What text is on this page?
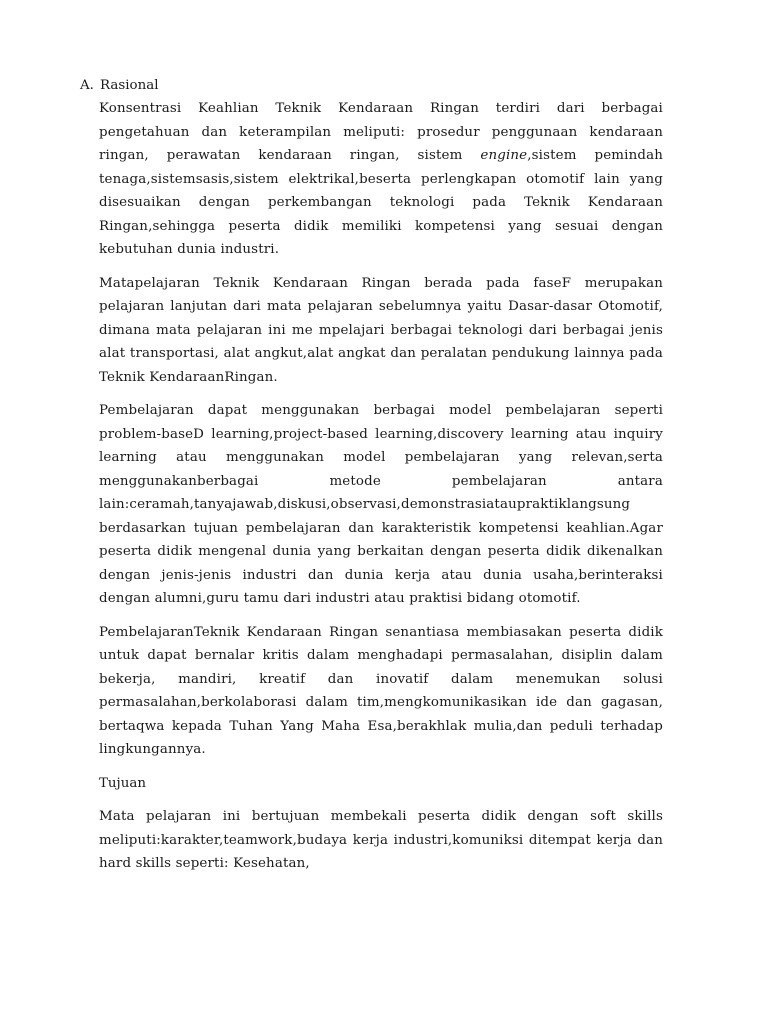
A. Rasional

Konsentrasi Keahlian Teknik Kendaraan Ringan terdiri dari berbagai pengetahuan dan keterampilan meliputi: prosedur penggunaan kendaraan ringan, perawatan kendaraan ringan, sistem engine,sistem pemindah tenaga,sistemsasis,sistem elektrikal,beserta perlengkapan otomotif lain yang disesuaikan dengan perkembangan teknologi pada Teknik Kendaraan Ringan,sehingga peserta didik memiliki kompetensi yang sesuai dengan kebutuhan dunia industri.

Matapelajaran Teknik Kendaraan Ringan berada pada faseF merupakan pelajaran lanjutan dari mata pelajaran sebelumnya yaitu Dasar-dasar Otomotif, dimana mata pelajaran ini me mpelajari berbagai teknologi dari berbagai jenis alat transportasi, alat angkut,alat angkat dan peralatan pendukung lainnya pada Teknik KendaraanRingan.

Pembelajaran dapat menggunakan berbagai model pembelajaran seperti problem-baseD learning,project-based learning,discovery learning atau inquiry learning atau menggunakan model pembelajaran yang relevan,serta menggunakanberbagai metode pembelajaran antara lain:ceramah,tanyajawab,diskusi,observasi,demonstrasiataupraktiklangsung berdasarkan tujuan pembelajaran dan karakteristik kompetensi keahlian.Agar peserta didik mengenal dunia yang berkaitan dengan peserta didik dikenalkan dengan jenis-jenis industri dan dunia kerja atau dunia usaha,berinteraksi dengan alumni,guru tamu dari industri atau praktisi bidang otomotif.

PembelajaranTeknik Kendaraan Ringan senantiasa membiasakan peserta didik untuk dapat bernalar kritis dalam menghadapi permasalahan, disiplin dalam bekerja, mandiri, kreatif dan inovatif dalam menemukan solusi permasalahan,berkolaborasi dalam tim,mengkomunikasikan ide dan gagasan, bertaqwa kepada Tuhan Yang Maha Esa,berakhlak mulia,dan peduli terhadap lingkungannya.

Tujuan

Mata pelajaran ini bertujuan membekali peserta didik dengan soft skills meliputi:karakter,teamwork,budaya kerja industri,komuniksi ditempat kerja dan hard skills seperti: Kesehatan,
